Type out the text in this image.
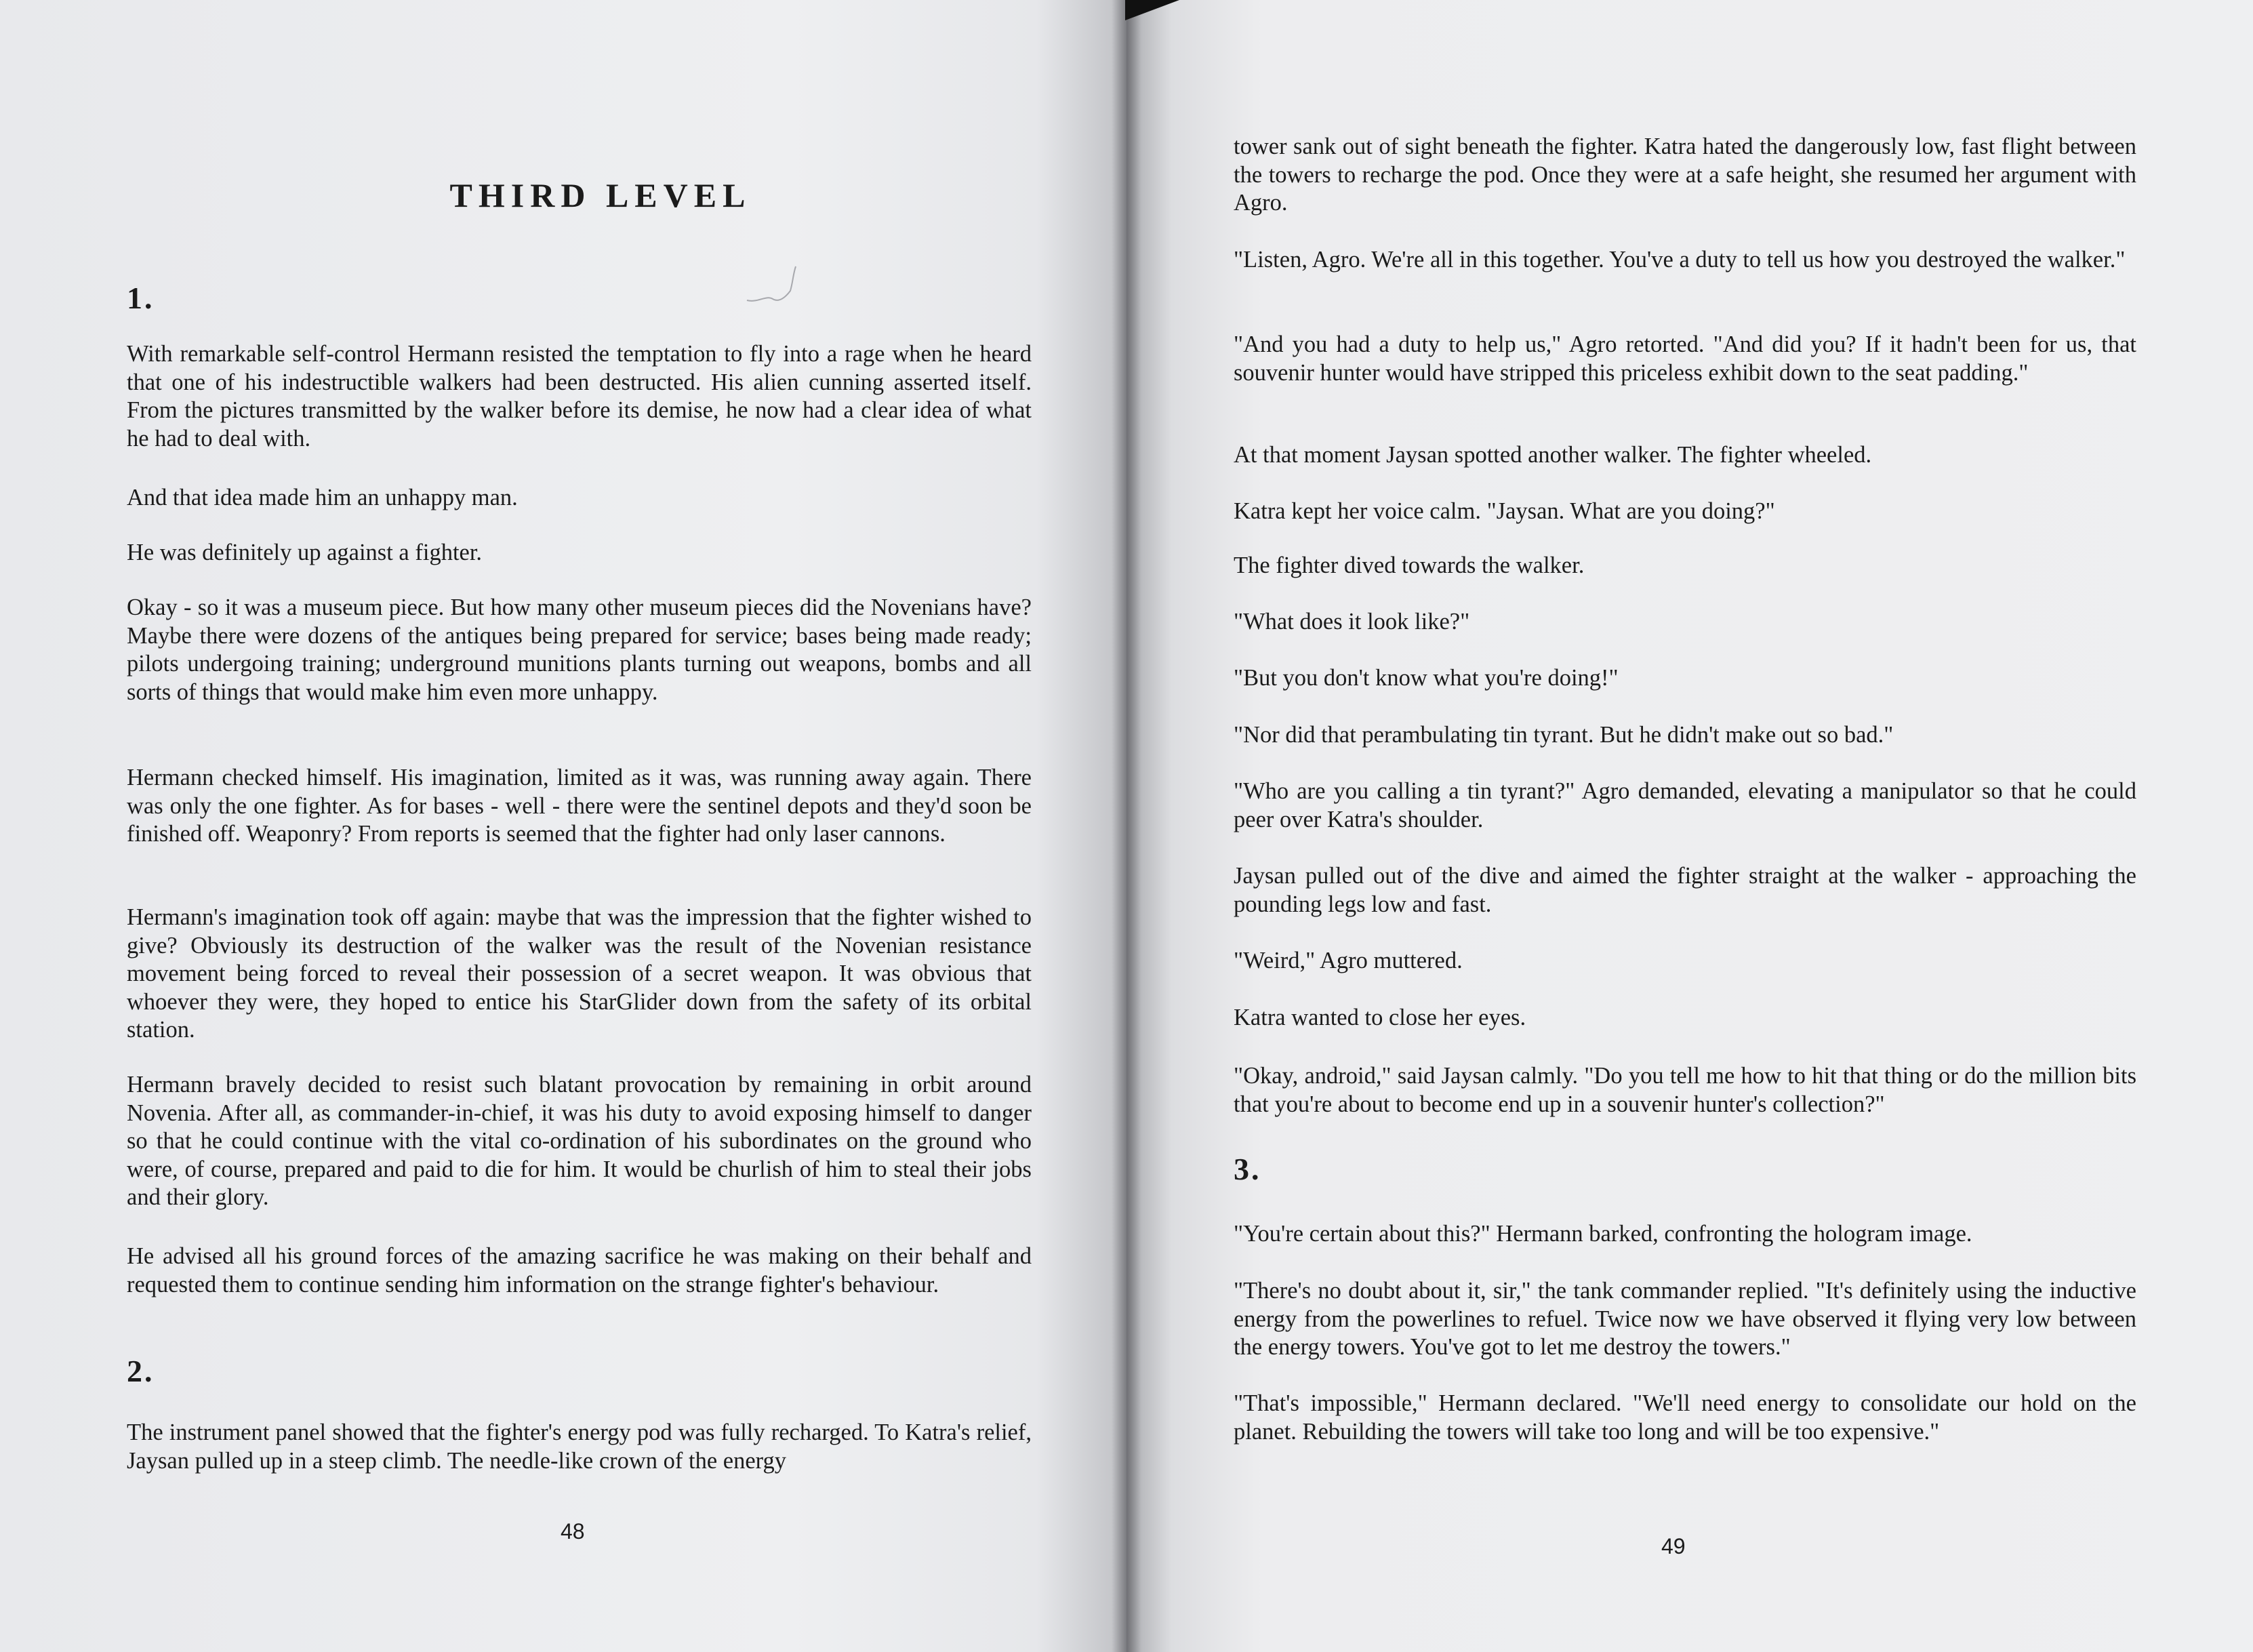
THIRD LEVEL
1.

With remarkable self-control Hermann resisted the temptation to fly into a rage when he heard that one of his indestructible walkers had been destructed. His alien cunning asserted itself. From the pictures transmitted by the walker before its demise, he now had a clear idea of what he had to deal with.

And that idea made him an unhappy man.

He was definitely up against a fighter.

Okay - so it was a museum piece. But how many other museum pieces did the Novenians have? Maybe there were dozens of the antiques being prepared for service; bases being made ready; pilots undergoing training; underground munitions plants turning out weapons, bombs and all sorts of things that would make him even more unhappy.

Hermann checked himself. His imagination, limited as it was, was running away again. There was only the one fighter. As for bases - well - there were the sentinel depots and they'd soon be finished off. Weaponry? From reports is seemed that the fighter had only laser cannons.

Hermann's imagination took off again: maybe that was the impression that the fighter wished to give? Obviously its destruction of the walker was the result of the Novenian resistance movement being forced to reveal their possession of a secret weapon. It was obvious that whoever they were, they hoped to entice his StarGlider down from the safety of its orbital station.

Hermann bravely decided to resist such blatant provocation by remaining in orbit around Novenia. After all, as commander-in-chief, it was his duty to avoid exposing himself to danger so that he could continue with the vital co-ordination of his subordinates on the ground who were, of course, prepared and paid to die for him. It would be churlish of him to steal their jobs and their glory.

He advised all his ground forces of the amazing sacrifice he was making on their behalf and requested them to continue sending him information on the strange fighter's behaviour.

2.

The instrument panel showed that the fighter's energy pod was fully recharged. To Katra's relief, Jaysan pulled up in a steep climb. The needle-like crown of the energy

48
49

tower sank out of sight beneath the fighter. Katra hated the dangerously low, fast flight between the towers to recharge the pod. Once they were at a safe height, she resumed her argument with Agro.

"Listen, Agro. We're all in this together. You've a duty to tell us how you destroyed the walker."

"And you had a duty to help us," Agro retorted. "And did you? If it hadn't been for us, that souvenir hunter would have stripped this priceless exhibit down to the seat padding."

At that moment Jaysan spotted another walker. The fighter wheeled.

Katra kept her voice calm. "Jaysan. What are you doing?"

The fighter dived towards the walker.

"What does it look like?"

"But you don't know what you're doing!"

"Nor did that perambulating tin tyrant. But he didn't make out so bad."

"Who are you calling a tin tyrant?" Agro demanded, elevating a manipulator so that he could peer over Katra's shoulder.

Jaysan pulled out of the dive and aimed the fighter straight at the walker - approaching the pounding legs low and fast.

"Weird," Agro muttered.

Katra wanted to close her eyes.

"Okay, android," said Jaysan calmly. "Do you tell me how to hit that thing or do the million bits that you're about to become end up in a souvenir hunter's collection?"

3.

"You're certain about this?" Hermann barked, confronting the hologram image.

"There's no doubt about it, sir," the tank commander replied. "It's definitely using the inductive energy from the powerlines to refuel. Twice now we have observed it flying very low between the energy towers. You've got to let me destroy the towers."

"That's impossible," Hermann declared. "We'll need energy to consolidate our hold on the planet. Rebuilding the towers will take too long and will be too expensive."
